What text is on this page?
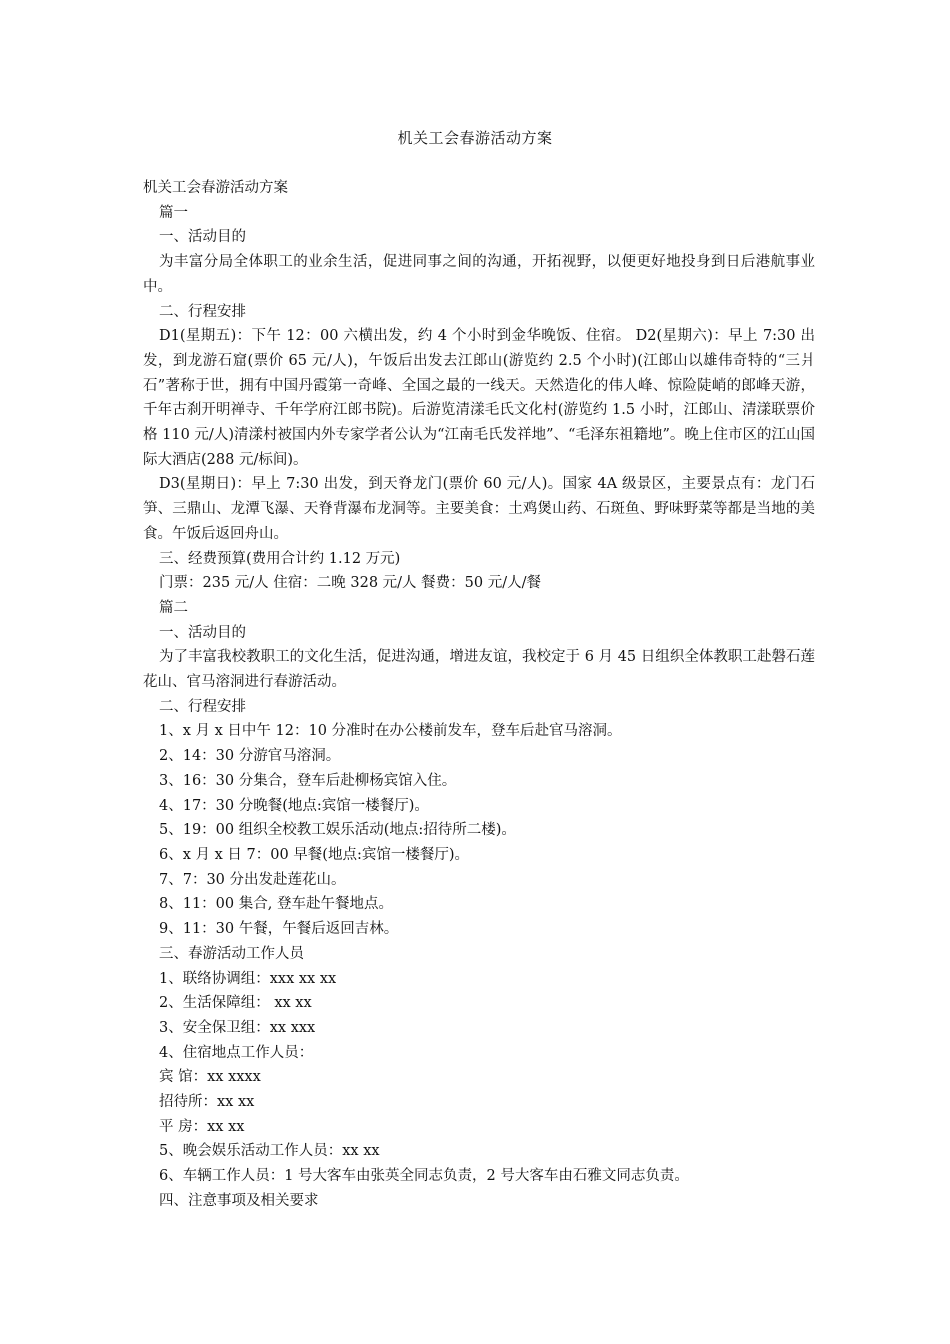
机关工会春游活动方案

机关工会春游活动方案

篇一

一、活动目的

为丰富分局全体职工的业余生活，促进同事之间的沟通，开拓视野，以便更好地投身到日后港航事业中。

二、行程安排

D1(星期五)：下午 12：00 六横出发，约 4 个小时到金华晚饭、住宿。 D2(星期六)：早上 7:30 出发，到龙游石窟(票价 65 元/人)，午饭后出发去江郎山(游览约 2.5 个小时)(江郎山以雄伟奇特的“三爿石”著称于世，拥有中国丹霞第一奇峰、全国之最的一线天。天然造化的伟人峰、惊险陡峭的郎峰天游，千年古刹开明禅寺、千年学府江郎书院)。后游览清漾毛氏文化村(游览约 1.5 小时，江郎山、清漾联票价格 110 元/人)清漾村被国内外专家学者公认为“江南毛氏发祥地”、“毛泽东祖籍地”。晚上住市区的江山国际大酒店(288 元/标间)。

D3(星期日)：早上 7:30 出发，到天脊龙门(票价 60 元/人)。国家 4A 级景区，主要景点有：龙门石笋、三鼎山、龙潭飞瀑、天脊背瀑布龙洞等。主要美食：土鸡煲山药、石斑鱼、野味野菜等都是当地的美食。午饭后返回舟山。

三、经费预算(费用合计约 1.12 万元)

门票：235 元/人 住宿：二晚 328 元/人 餐费：50 元/人/餐

篇二

一、活动目的

为了丰富我校教职工的文化生活，促进沟通，增进友谊，我校定于 6 月 45 日组织全体教职工赴磐石莲花山、官马溶洞进行春游活动。

二、行程安排

1、x 月 x 日中午 12：10 分准时在办公楼前发车，登车后赴官马溶洞。

2、14：30 分游官马溶洞。

3、16：30 分集合，登车后赴柳杨宾馆入住。

4、17：30 分晚餐(地点:宾馆一楼餐厅)。

5、19：00 组织全校教工娱乐活动(地点:招待所二楼)。

6、x 月 x 日 7：00 早餐(地点:宾馆一楼餐厅)。

7、7：30 分出发赴莲花山。

8、11：00 集合, 登车赴午餐地点。

9、11：30 午餐，午餐后返回吉林。

三、春游活动工作人员

1、联络协调组：xxx xx xx

2、生活保障组： xx xx

3、安全保卫组：xx xxx

4、住宿地点工作人员：

宾 馆：xx xxxx

招待所：xx xx

平 房：xx xx

5、晚会娱乐活动工作人员：xx xx

6、车辆工作人员：1 号大客车由张英全同志负责，2 号大客车由石雅文同志负责。

四、注意事项及相关要求
